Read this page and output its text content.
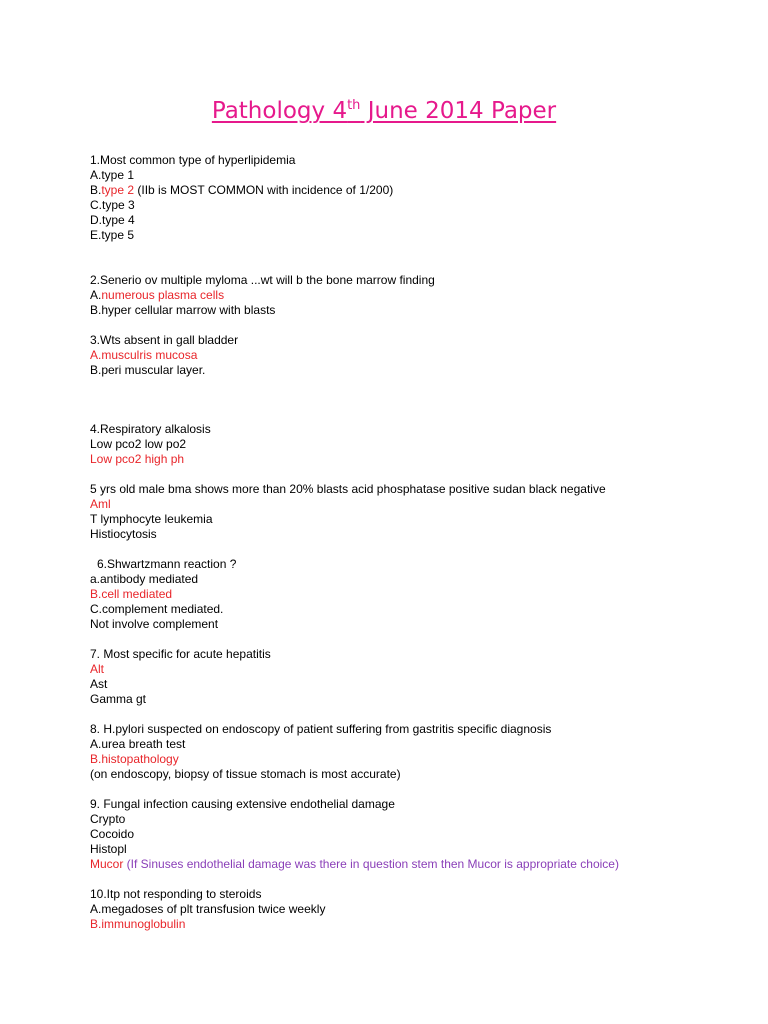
Pathology 4th June 2014 Paper
1.Most common type of hyperlipidemia
A.type 1
B.type 2 (IIb is MOST COMMON with incidence of 1/200)
C.type 3
D.type 4
E.type 5
2.Senerio ov multiple myloma ...wt will b the bone marrow finding
A.numerous plasma cells
B.hyper cellular marrow with blasts
3.Wts absent in gall bladder
A.musculris mucosa
B.peri muscular layer.
4.Respiratory alkalosis
Low pco2 low po2
Low pco2 high ph
5 yrs old male bma shows more than 20% blasts acid phosphatase positive sudan black negative
Aml
T lymphocyte leukemia
Histiocytosis
6.Shwartzmann reaction ?
a.antibody mediated
B.cell mediated
C.complement mediated.
Not involve complement
7. Most specific for acute hepatitis
Alt
Ast
Gamma gt
8. H.pylori suspected on endoscopy of patient suffering from gastritis specific diagnosis
A.urea breath test
B.histopathology
(on endoscopy, biopsy of tissue stomach is most accurate)
9. Fungal infection causing extensive endothelial damage
Crypto
Cocoido
Histopl
Mucor (If Sinuses endothelial damage was there in question stem then Mucor is appropriate choice)
10.Itp not responding to steroids
A.megadoses of plt transfusion twice weekly
B.immunoglobulin
